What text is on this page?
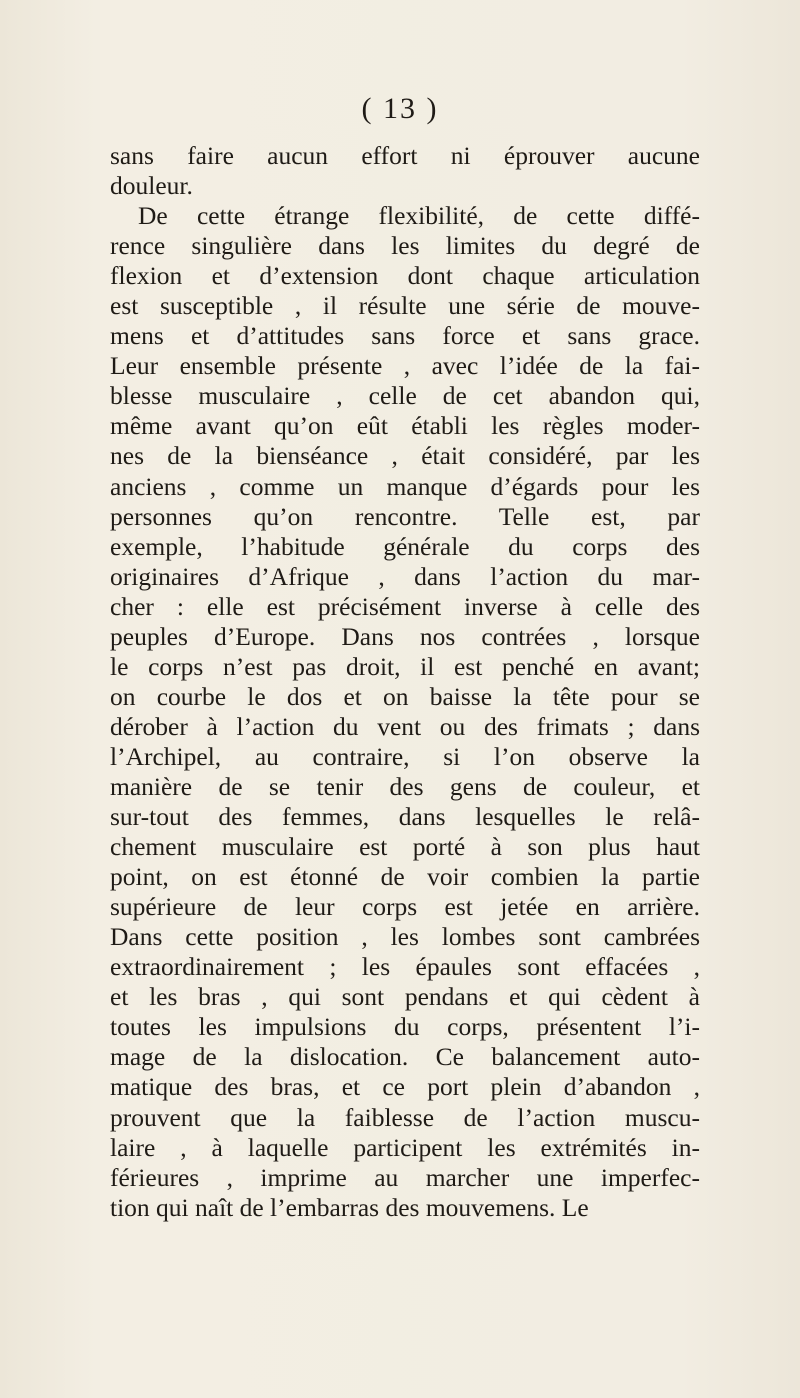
( 13 )
sans faire aucun effort ni éprouver aucune
douleur.
De cette étrange flexibilité, de cette diffé-
rence singulière dans les limites du degré de
flexion et d’extension dont chaque articulation
est susceptible , il résulte une série de mouve-
mens et d’attitudes sans force et sans grace.
Leur ensemble présente , avec l’idée de la fai-
blesse musculaire , celle de cet abandon qui,
même avant qu’on eût établi les règles moder-
nes de la bienséance , était considéré, par les
anciens , comme un manque d’égards pour les
personnes qu’on rencontre. Telle est, par
exemple, l’habitude générale du corps des
originaires d’Afrique , dans l’action du mar-
cher : elle est précisément inverse à celle des
peuples d’Europe. Dans nos contrées , lorsque
le corps n’est pas droit, il est penché en avant;
on courbe le dos et on baisse la tête pour se
dérober à l’action du vent ou des frimats ; dans
l’Archipel, au contraire, si l’on observe la
manière de se tenir des gens de couleur, et
sur-tout des femmes, dans lesquelles le relâ-
chement musculaire est porté à son plus haut
point, on est étonné de voir combien la partie
supérieure de leur corps est jetée en arrière.
Dans cette position , les lombes sont cambrées
extraordinairement ; les épaules sont effacées ,
et les bras , qui sont pendans et qui cèdent à
toutes les impulsions du corps, présentent l’i-
mage de la dislocation. Ce balancement auto-
matique des bras, et ce port plein d’abandon ,
prouvent que la faiblesse de l’action muscu-
laire , à laquelle participent les extrémités in-
férieures , imprime au marcher une imperfec-
tion qui naît de l’embarras des mouvemens. Le
